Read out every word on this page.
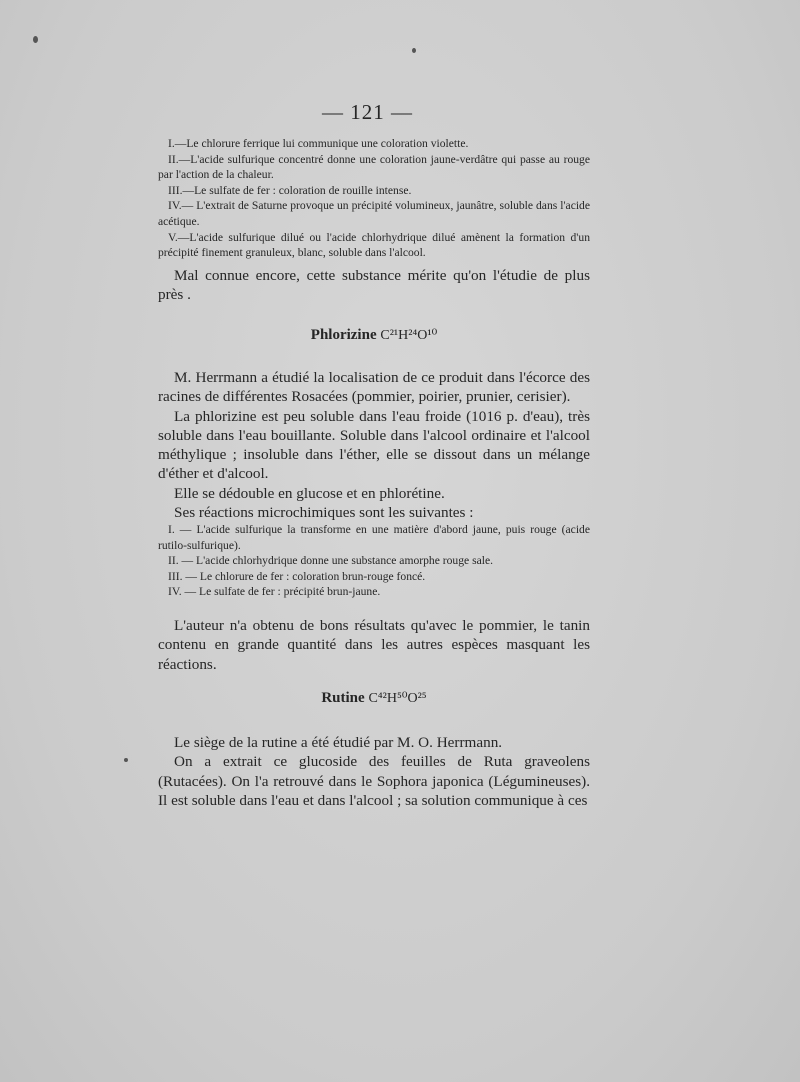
— 121 —

I.—Le chlorure ferrique lui communique une coloration violette.

II.—L'acide sulfurique concentré donne une coloration jaune-verdâtre qui passe au rouge par l'action de la chaleur.

III.—Le sulfate de fer : coloration de rouille intense.

IV.— L'extrait de Saturne provoque un précipité volumineux, jaunâtre, soluble dans l'acide acétique.

V.—L'acide sulfurique dilué ou l'acide chlorhydrique dilué amènent la formation d'un précipité finement granuleux, blanc, soluble dans l'alcool.

Mal connue encore, cette substance mérite qu'on l'étudie de plus près .

Phlorizine C²¹H²⁴O¹⁰

M. Herrmann a étudié la localisation de ce produit dans l'écorce des racines de différentes Rosacées (pommier, poirier, prunier, cerisier).

La phlorizine est peu soluble dans l'eau froide (1016 p. d'eau), très soluble dans l'eau bouillante. Soluble dans l'alcool ordinaire et l'alcool méthylique ; insoluble dans l'éther, elle se dissout dans un mélange d'éther et d'alcool.

Elle se dédouble en glucose et en phlorétine.

Ses réactions microchimiques sont les suivantes :

I. — L'acide sulfurique la transforme en une matière d'abord jaune, puis rouge (acide rutilo-sulfurique).

II. — L'acide chlorhydrique donne une substance amorphe rouge sale.

III. — Le chlorure de fer : coloration brun-rouge foncé.

IV. — Le sulfate de fer : précipité brun-jaune.

L'auteur n'a obtenu de bons résultats qu'avec le pommier, le tanin contenu en grande quantité dans les autres espèces masquant les réactions.

Rutine C⁴²H⁵⁰O²⁵

Le siège de la rutine a été étudié par M. O. Herrmann.

On a extrait ce glucoside des feuilles de Ruta graveolens (Rutacées). On l'a retrouvé dans le Sophora japonica (Légumineuses). Il est soluble dans l'eau et dans l'alcool ; sa solution communique à ces
